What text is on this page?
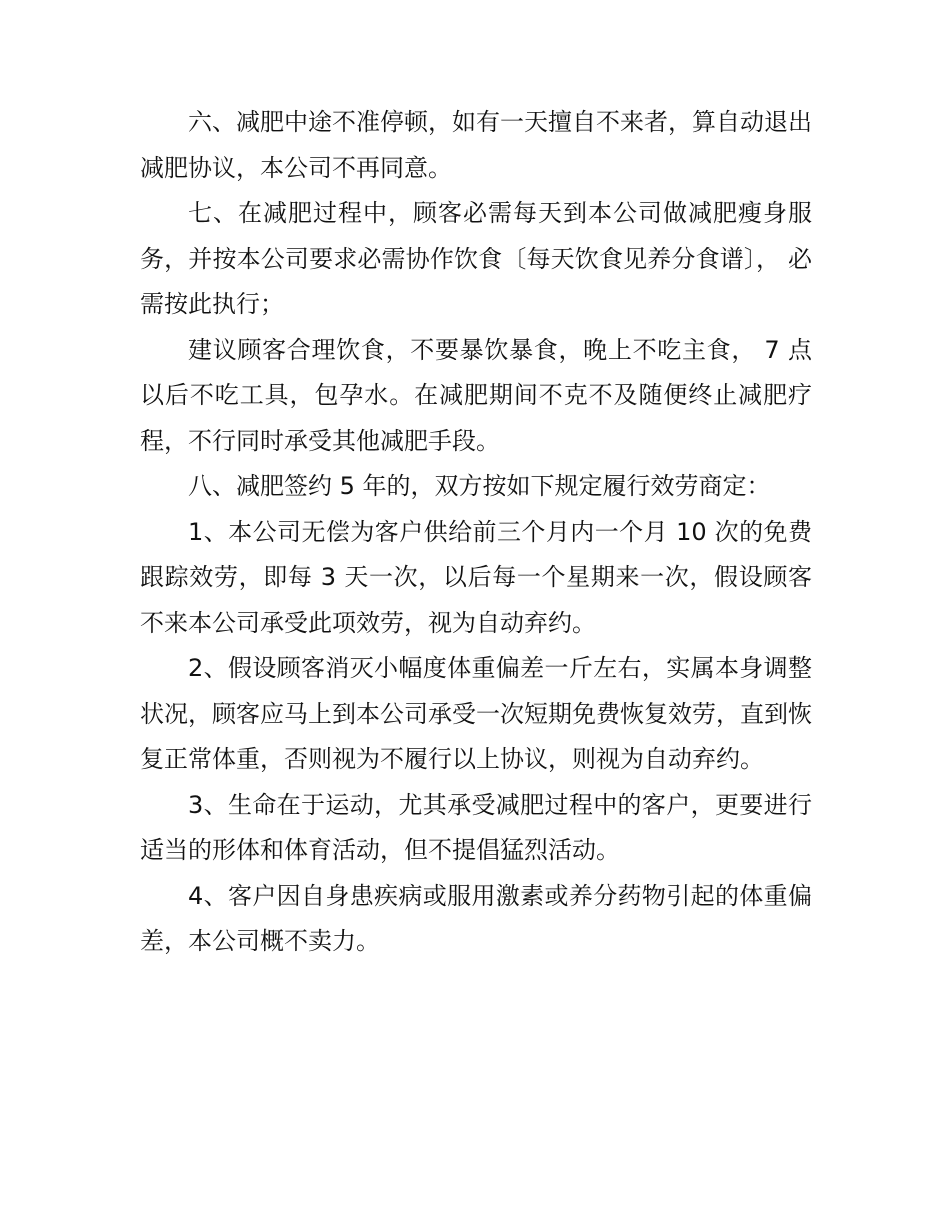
六、减肥中途不准停顿，如有一天擅自不来者，算自动退出减肥协议，本公司不再同意。

七、在减肥过程中，顾客必需每天到本公司做减肥瘦身服务，并按本公司要求必需协作饮食〔每天饮食见养分食谱〕， 必需按此执行；

建议顾客合理饮食，不要暴饮暴食，晚上不吃主食， 7 点以后不吃工具，包孕水。在减肥期间不克不及随便终止减肥疗程，不行同时承受其他减肥手段。

八、减肥签约 5 年的，双方按如下规定履行效劳商定：

1、本公司无偿为客户供给前三个月内一个月 10 次的免费跟踪效劳，即每 3 天一次，以后每一个星期来一次，假设顾客不来本公司承受此项效劳，视为自动弃约。

2、假设顾客消灭小幅度体重偏差一斤左右，实属本身调整状况，顾客应马上到本公司承受一次短期免费恢复效劳，直到恢复正常体重，否则视为不履行以上协议，则视为自动弃约。

3、生命在于运动，尤其承受减肥过程中的客户，更要进行适当的形体和体育活动，但不提倡猛烈活动。

4、客户因自身患疾病或服用激素或养分药物引起的体重偏差，本公司概不卖力。
